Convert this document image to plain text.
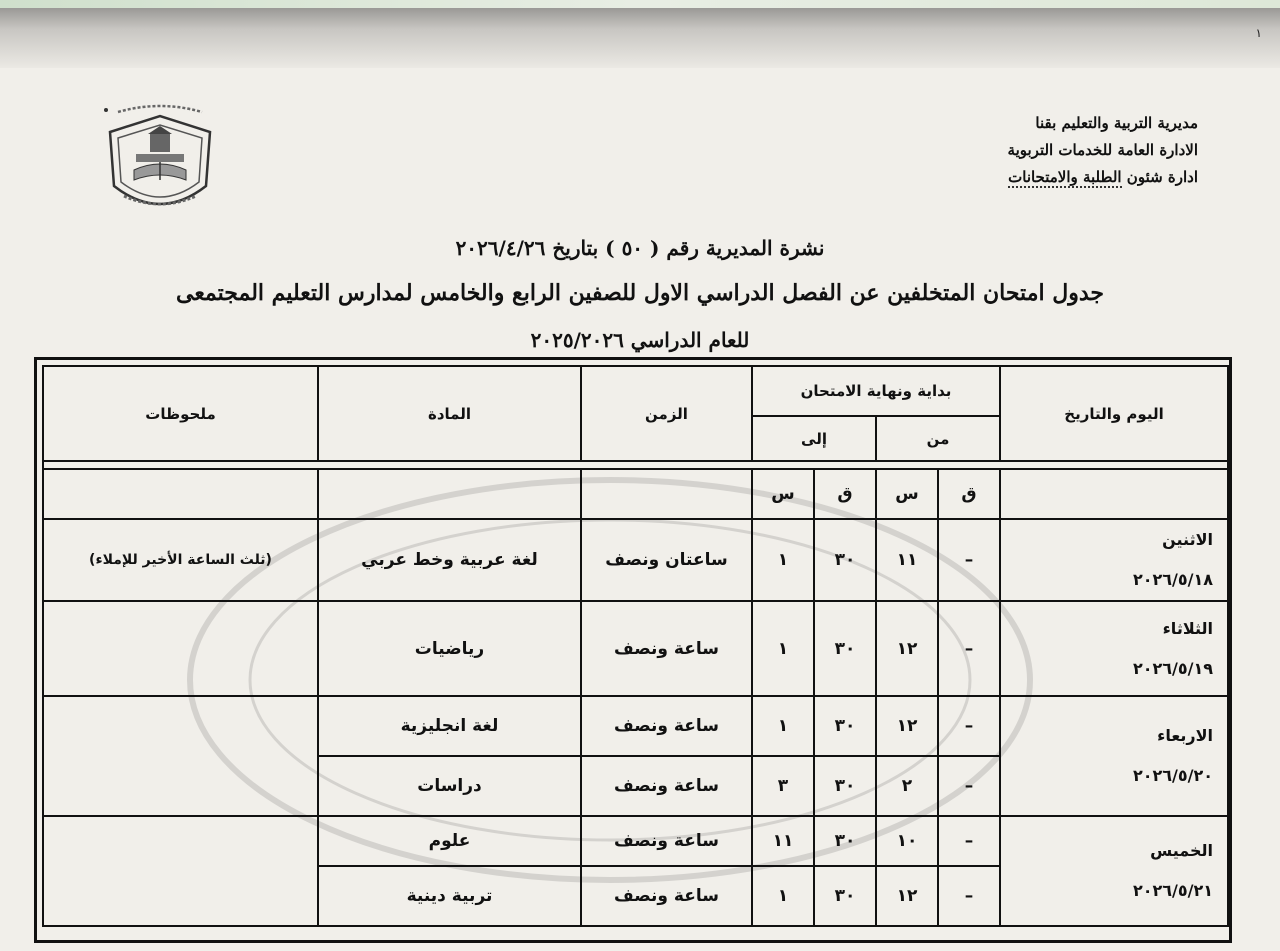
١
مديرية التربية والتعليم بقنا
الادارة العامة للخدمات التربوية
ادارة شئون الطلبة والامتحانات
نشرة المديرية رقم ( ٥٠ ) بتاريخ ٢٠٢٦/٤/٢٦
جدول امتحان المتخلفين عن الفصل الدراسي الاول للصفين الرابع والخامس لمدارس التعليم المجتمعى
للعام الدراسي ٢٠٢٥/٢٠٢٦
اليوم والتاريخ	بداية ونهاية الامتحان				الزمن	المادة	ملحوظات
	من		إلى				

	ق	س	ق	س			

الاثنين
٢٠٢٦/٥/١٨	–	١١	٣٠	١	ساعتان ونصف	لغة عربية وخط عربي	(ثلث الساعة الأخير للإملاء)

الثلاثاء
٢٠٢٦/٥/١٩	–	١٢	٣٠	١	ساعة ونصف	رياضيات	

الاربعاء
٢٠٢٦/٥/٢٠	–	١٢	٣٠	١	ساعة ونصف	لغة انجليزية	
	–	٢	٣٠	٣	ساعة ونصف	دراسات	

الخميس
٢٠٢٦/٥/٢١	–	١٠	٣٠	١١	ساعة ونصف	علوم	
	–	١٢	٣٠	١	ساعة ونصف	تربية دينية	
